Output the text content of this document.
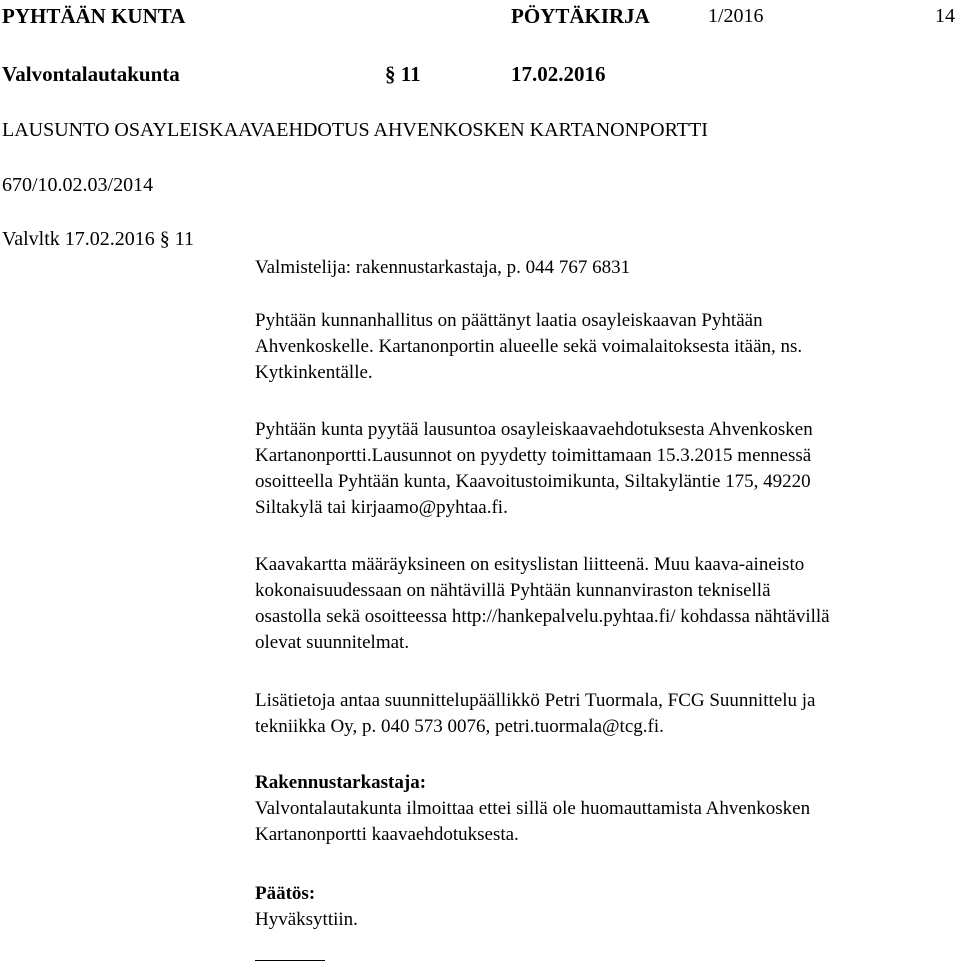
PYHTÄÄN KUNTA	PÖYTÄKIRJA	1/2016	14
Valvontalautakunta	§ 11	17.02.2016
LAUSUNTO OSAYLEISKAAVAEHDOTUS AHVENKOSKEN KARTANONPORTTI
670/10.02.03/2014
Valvltk 17.02.2016 § 11
Valmistelija: rakennustarkastaja, p. 044 767 6831
Pyhtään kunnanhallitus on päättänyt laatia osayleiskaavan Pyhtään
Ahvenkoskelle. Kartanonportin alueelle sekä voimalaitoksesta itään, ns.
Kytkinkentälle.
Pyhtään kunta pyytää lausuntoa osayleiskaavaehdotuksesta Ahvenkosken
Kartanonportti.Lausunnot on pyydetty toimittamaan 15.3.2015 mennessä
osoitteella Pyhtään kunta, Kaavoitustoimikunta, Siltakyläntie 175, 49220
Siltakylä tai kirjaamo@pyhtaa.fi.
Kaavakartta määräyksineen on esityslistan liitteenä. Muu kaava-aineisto
kokonaisuudessaan on nähtävillä Pyhtään kunnanviraston teknisellä
osastolla sekä osoitteessa http://hankepalvelu.pyhtaa.fi/ kohdassa nähtävillä
olevat suunnitelmat.
Lisätietoja antaa suunnittelupäällikkö Petri Tuormala, FCG Suunnittelu ja
tekniikka Oy, p. 040 573 0076, petri.tuormala@tcg.fi.
Rakennustarkastaja:
Valvontalautakunta ilmoittaa ettei sillä ole huomauttamista Ahvenkosken
Kartanonportti kaavaehdotuksesta.
Päätös:
Hyväksyttiin.
